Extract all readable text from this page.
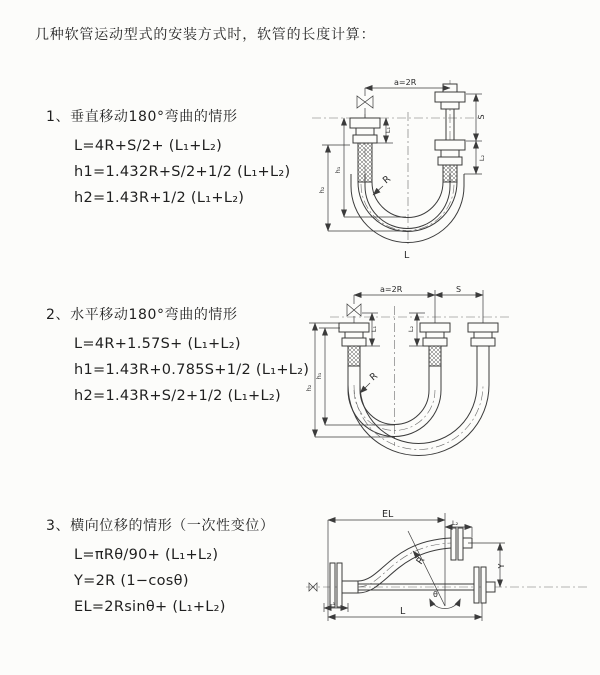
几种软管运动型式的安装方式时，软管的长度计算：
1、垂直移动180°弯曲的情形
L=4R+S/2+ (L₁+L₂)
h1=1.432R+S/2+1/2 (L₁+L₂)
h2=1.43R+1/2 (L₁+L₂)
2、水平移动180°弯曲的情形
L=4R+1.57S+ (L₁+L₂)
h1=1.43R+0.785S+1/2 (L₁+L₂)
h2=1.43R+S/2+1/2 (L₁+L₂)
3、横向位移的情形（一次性变位）
L=πRθ/90+ (L₁+L₂)
Y=2R (1−cosθ)
EL=2Rsinθ+ (L₁+L₂)
a=2R
L₁
S
L₂
h₁
h₂
R
L
a=2R	S
L₁	L₂
h₁
h₂
R
EL
L₂
Y
θ
R
L
L₁
